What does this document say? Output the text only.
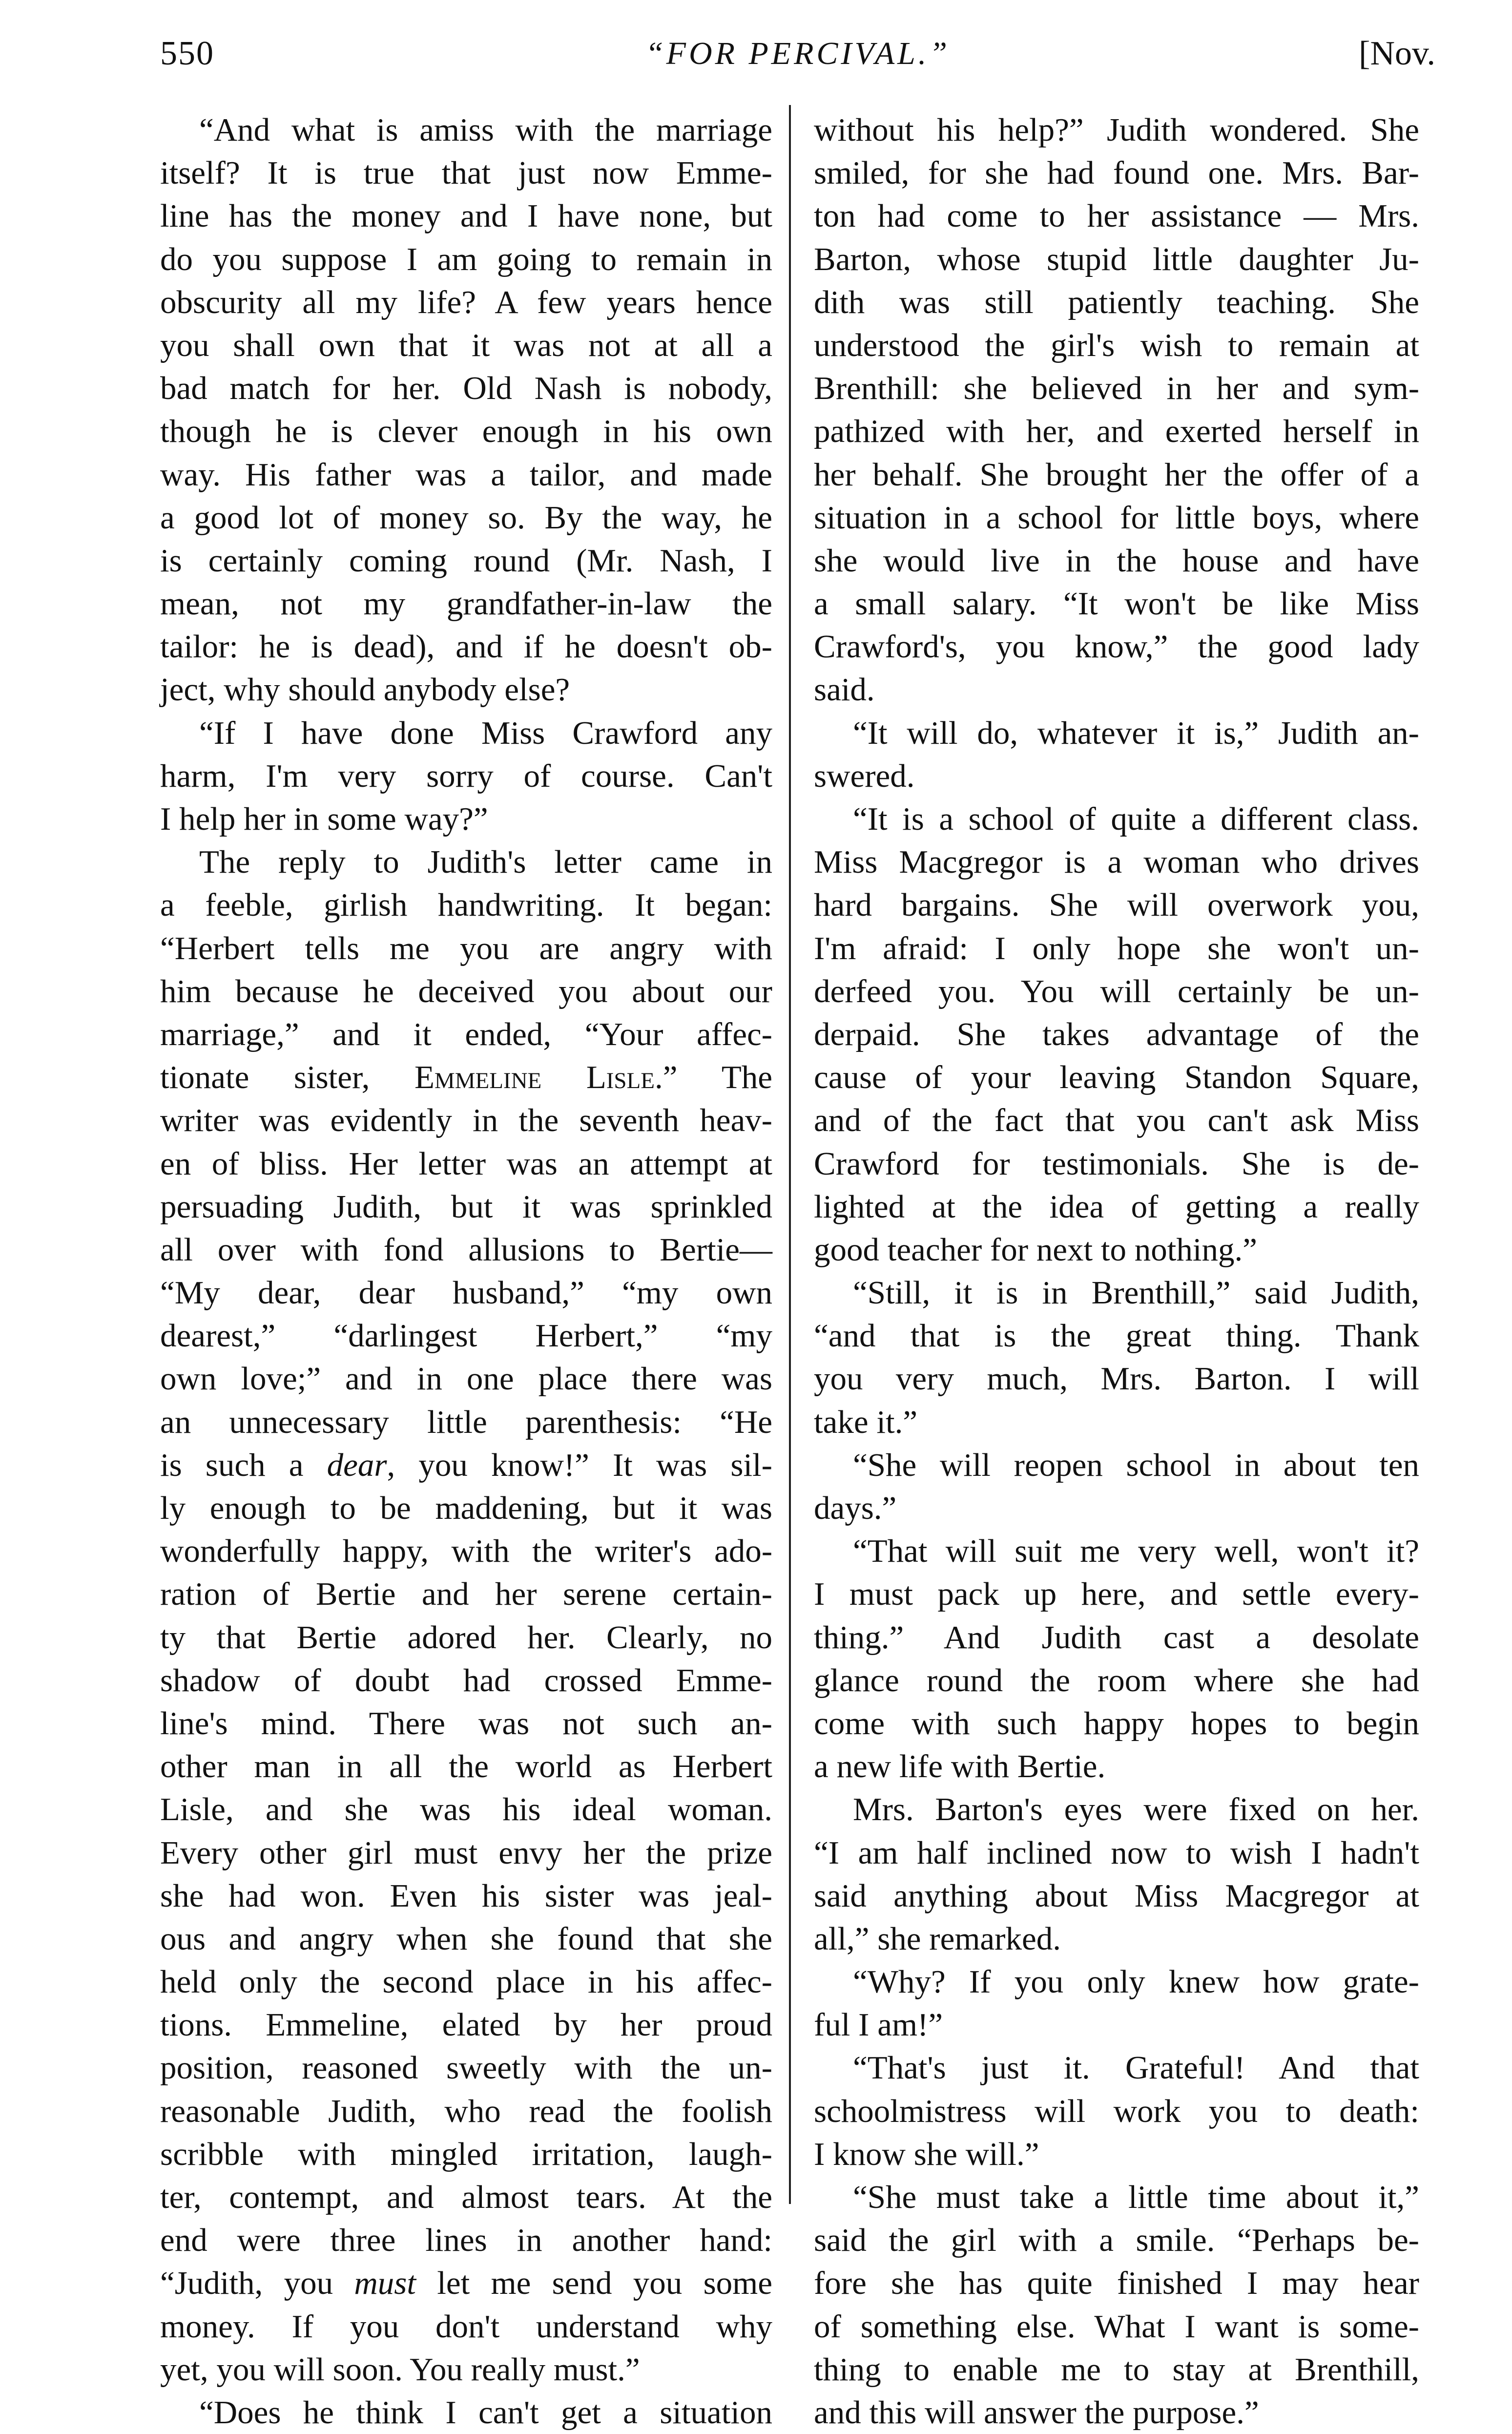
550	“FOR PERCIVAL.”	[Nov.
“And what is amiss with the marriage
itself? It is true that just now Emme-
line has the money and I have none, but
do you suppose I am going to remain in
obscurity all my life? A few years hence
you shall own that it was not at all a
bad match for her. Old Nash is nobody,
though he is clever enough in his own
way. His father was a tailor, and made
a good lot of money so. By the way, he
is certainly coming round (Mr. Nash, I
mean, not my grandfather-in-law the
tailor: he is dead), and if he doesn't ob-
ject, why should anybody else?
“If I have done Miss Crawford any
harm, I'm very sorry of course. Can't
I help her in some way?”
The reply to Judith's letter came in
a feeble, girlish handwriting. It began:
“Herbert tells me you are angry with
him because he deceived you about our
marriage,” and it ended, “Your affec-
tionate sister, Emmeline Lisle.” The
writer was evidently in the seventh heav-
en of bliss. Her letter was an attempt at
persuading Judith, but it was sprinkled
all over with fond allusions to Bertie—
“My dear, dear husband,” “my own
dearest,” “darlingest Herbert,” “my
own love;” and in one place there was
an unnecessary little parenthesis: “He
is such a dear, you know!” It was sil-
ly enough to be maddening, but it was
wonderfully happy, with the writer's ado-
ration of Bertie and her serene certain-
ty that Bertie adored her. Clearly, no
shadow of doubt had crossed Emme-
line's mind. There was not such an-
other man in all the world as Herbert
Lisle, and she was his ideal woman.
Every other girl must envy her the prize
she had won. Even his sister was jeal-
ous and angry when she found that she
held only the second place in his affec-
tions. Emmeline, elated by her proud
position, reasoned sweetly with the un-
reasonable Judith, who read the foolish
scribble with mingled irritation, laugh-
ter, contempt, and almost tears. At the
end were three lines in another hand:
“Judith, you must let me send you some
money. If you don't understand why
yet, you will soon. You really must.”
“Does he think I can't get a situation
without his help?” Judith wondered. She
smiled, for she had found one. Mrs. Bar-
ton had come to her assistance — Mrs.
Barton, whose stupid little daughter Ju-
dith was still patiently teaching. She
understood the girl's wish to remain at
Brenthill: she believed in her and sym-
pathized with her, and exerted herself in
her behalf. She brought her the offer of a
situation in a school for little boys, where
she would live in the house and have
a small salary. “It won't be like Miss
Crawford's, you know,” the good lady
said.
“It will do, whatever it is,” Judith an-
swered.
“It is a school of quite a different class.
Miss Macgregor is a woman who drives
hard bargains. She will overwork you,
I'm afraid: I only hope she won't un-
derfeed you. You will certainly be un-
derpaid. She takes advantage of the
cause of your leaving Standon Square,
and of the fact that you can't ask Miss
Crawford for testimonials. She is de-
lighted at the idea of getting a really
good teacher for next to nothing.”
“Still, it is in Brenthill,” said Judith,
“and that is the great thing. Thank
you very much, Mrs. Barton. I will
take it.”
“She will reopen school in about ten
days.”
“That will suit me very well, won't it?
I must pack up here, and settle every-
thing.” And Judith cast a desolate
glance round the room where she had
come with such happy hopes to begin
a new life with Bertie.
Mrs. Barton's eyes were fixed on her.
“I am half inclined now to wish I hadn't
said anything about Miss Macgregor at
all,” she remarked.
“Why? If you only knew how grate-
ful I am!”
“That's just it. Grateful! And that
schoolmistress will work you to death:
I know she will.”
“She must take a little time about it,”
said the girl with a smile. “Perhaps be-
fore she has quite finished I may hear
of something else. What I want is some-
thing to enable me to stay at Brenthill,
and this will answer the purpose.”
